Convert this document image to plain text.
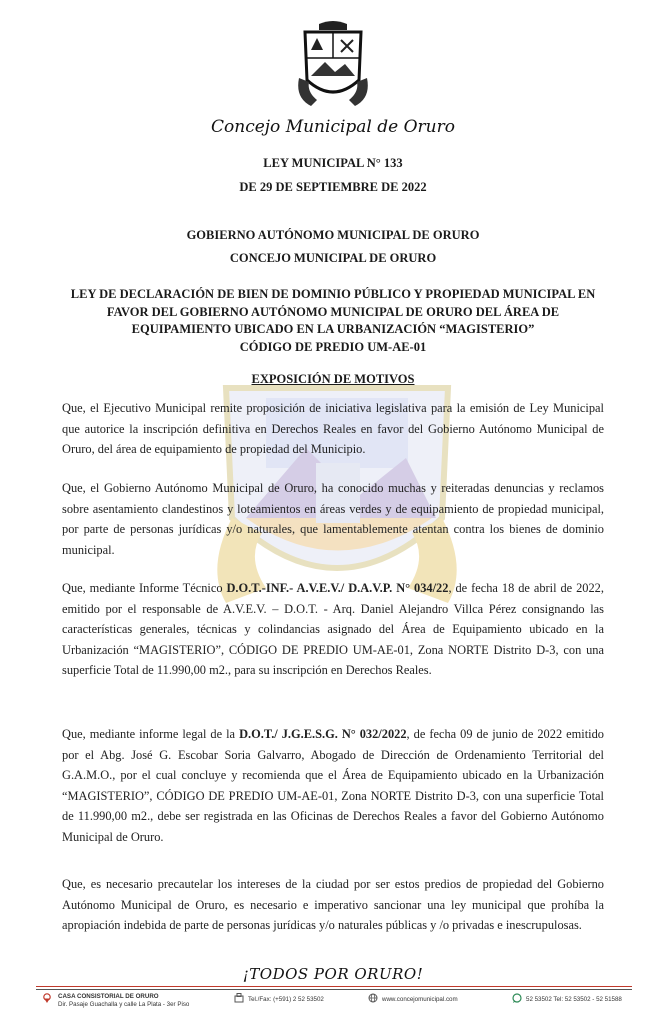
Concejo Municipal de Oruro
LEY MUNICIPAL N° 133
DE 29 DE SEPTIEMBRE DE 2022
GOBIERNO AUTÓNOMO MUNICIPAL DE ORURO
CONCEJO MUNICIPAL DE ORURO
LEY DE DECLARACIÓN DE BIEN DE DOMINIO PÚBLICO Y PROPIEDAD MUNICIPAL EN
FAVOR DEL GOBIERNO AUTÓNOMO MUNICIPAL DE ORURO DEL ÁREA DE
EQUIPAMIENTO UBICADO EN LA URBANIZACIÓN “MAGISTERIO”
CÓDIGO DE PREDIO UM-AE-01
EXPOSICIÓN DE MOTIVOS
Que, el Ejecutivo Municipal remite proposición de iniciativa legislativa para la emisión de Ley Municipal que autorice la inscripción definitiva en Derechos Reales en favor del Gobierno Autónomo Municipal de Oruro, del área de equipamiento de propiedad del Municipio.
Que, el Gobierno Autónomo Municipal de Oruro, ha conocido muchas y reiteradas denuncias y reclamos sobre asentamiento clandestinos y loteamientos en áreas verdes y de equipamiento de propiedad municipal, por parte de personas jurídicas y/o naturales, que lamentablemente atentan contra los bienes de dominio municipal.
Que, mediante Informe Técnico D.O.T.-INF.- A.V.E.V./ D.A.V.P. N° 034/22, de fecha 18 de abril de 2022, emitido por el responsable de A.V.E.V. – D.O.T. - Arq. Daniel Alejandro Villca Pérez consignando las características generales, técnicas y colindancias asignado del Área de Equipamiento ubicado en la Urbanización “MAGISTERIO”, CÓDIGO DE PREDIO UM-AE-01, Zona NORTE Distrito D-3, con una superficie Total de 11.990,00 m2., para su inscripción en Derechos Reales.
Que, mediante informe legal de la D.O.T./ J.G.E.S.G. N° 032/2022, de fecha 09 de junio de 2022 emitido por el Abg. José G. Escobar Soria Galvarro, Abogado de Dirección de Ordenamiento Territorial del G.A.M.O., por el cual concluye y recomienda que el Área de Equipamiento ubicado en la Urbanización “MAGISTERIO”, CÓDIGO DE PREDIO UM-AE-01, Zona NORTE Distrito D-3, con una superficie Total de 11.990,00 m2., debe ser registrada en las Oficinas de Derechos Reales a favor del Gobierno Autónomo Municipal de Oruro.
Que, es necesario precautelar los intereses de la ciudad por ser estos predios de propiedad del Gobierno Autónomo Municipal de Oruro, es necesario e imperativo sancionar una ley municipal que prohíba la apropiación indebida de parte de personas jurídicas y/o naturales públicas y /o privadas e inescrupulosas.
¡TODOS POR ORURO!
CASA CONSISTORIAL DE ORURO
Dir. Pasaje Guachalla y calle La Plata - 3er Piso
Tel./Fax: (+591) 2 52 53502	www.concejomunicipal.com	52 53502 Tel: 52 53502 - 52 51588
